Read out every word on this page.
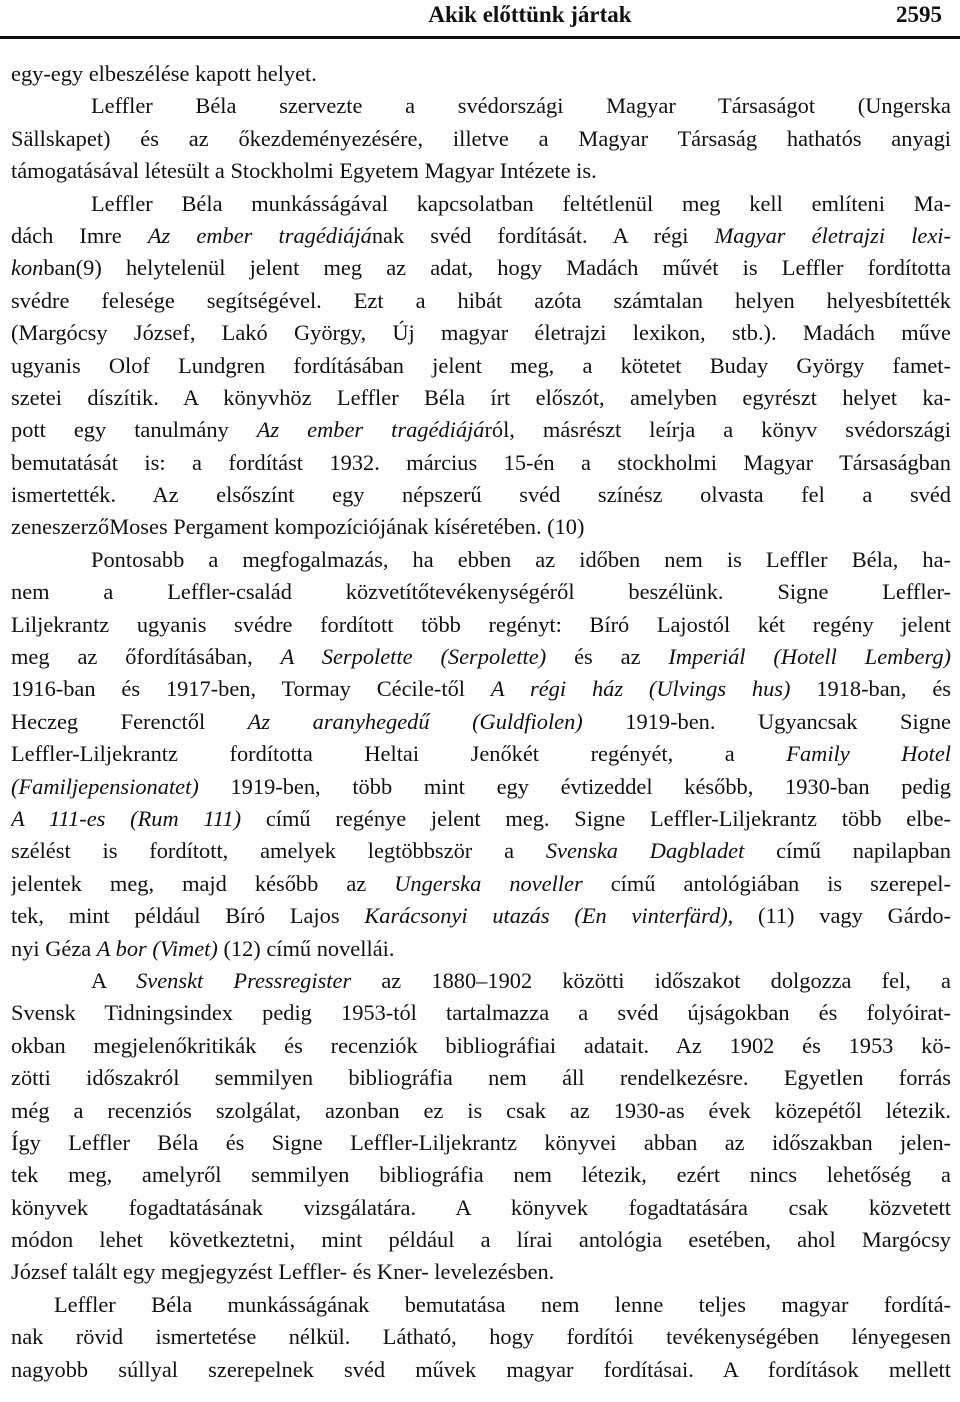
Akik előttünk jártak	2595
egy-egy elbeszélése kapott helyet.
Leffler Béla szervezte a svédországi Magyar Társaságot (Ungerska
Sällskapet) és az őkezdeményezésére, illetve a Magyar Társaság hathatós anyagi
támogatásával létesült a Stockholmi Egyetem Magyar Intézete is.
Leffler Béla munkásságával kapcsolatban feltétlenül meg kell említeni Ma-
dách Imre Az ember tragédiájának svéd fordítását. A régi Magyar életrajzi lexi-
konban(9) helytelenül jelent meg az adat, hogy Madách művét is Leffler fordította
svédre felesége segítségével. Ezt a hibát azóta számtalan helyen helyesbítették
(Margócsy József, Lakó György, Új magyar életrajzi lexikon, stb.). Madách műve
ugyanis Olof Lundgren fordításában jelent meg, a kötetet Buday György famet-
szetei díszítik. A könyvhöz Leffler Béla írt előszót, amelyben egyrészt helyet ka-
pott egy tanulmány Az ember tragédiájáról, másrészt leírja a könyv svédországi
bemutatását is: a fordítást 1932. március 15-én a stockholmi Magyar Társaságban
ismertették. Az elsőszínt egy népszerű svéd színész olvasta fel a svéd
zeneszerzőMoses Pergament kompozíciójának kíséretében. (10)
Pontosabb a megfogalmazás, ha ebben az időben nem is Leffler Béla, ha-
nem a Leffler-család közvetítőtevékenységéről beszélünk. Signe Leffler-
Liljekrantz ugyanis svédre fordított több regényt: Bíró Lajostól két regény jelent
meg az őfordításában, A Serpolette (Serpolette) és az Imperiál (Hotell Lemberg)
1916-ban és 1917-ben, Tormay Cécile-től A régi ház (Ulvings hus) 1918-ban, és
Heczeg Ferenctől Az aranyhegedű (Guldfiolen) 1919-ben. Ugyancsak Signe
Leffler-Liljekrantz fordította Heltai Jenőkét regényét, a Family Hotel
(Familjepensionatet) 1919-ben, több mint egy évtizeddel később, 1930-ban pedig
A 111-es (Rum 111) című regénye jelent meg. Signe Leffler-Liljekrantz több elbe-
szélést is fordított, amelyek legtöbbször a Svenska Dagbladet című napilapban
jelentek meg, majd később az Ungerska noveller című antológiában is szerepel-
tek, mint például Bíró Lajos Karácsonyi utazás (En vinterfärd), (11) vagy Gárdo-
nyi Géza A bor (Vimet) (12) című novellái.
A Svenskt Pressregister az 1880–1902 közötti időszakot dolgozza fel, a
Svensk Tidningsindex pedig 1953-tól tartalmazza a svéd újságokban és folyóirat-
okban megjelenőkritikák és recenziók bibliográfiai adatait. Az 1902 és 1953 kö-
zötti időszakról semmilyen bibliográfia nem áll rendelkezésre. Egyetlen forrás
még a recenziós szolgálat, azonban ez is csak az 1930-as évek közepétől létezik.
Így Leffler Béla és Signe Leffler-Liljekrantz könyvei abban az időszakban jelen-
tek meg, amelyről semmilyen bibliográfia nem létezik, ezért nincs lehetőség a
könyvek fogadtatásának vizsgálatára. A könyvek fogadtatására csak közvetett
módon lehet következtetni, mint például a lírai antológia esetében, ahol Margócsy
József talált egy megjegyzést Leffler- és Kner- levelezésben.
Leffler Béla munkásságának bemutatása nem lenne teljes magyar fordítá-
nak rövid ismertetése nélkül. Látható, hogy fordítói tevékenységében lényegesen
nagyobb súllyal szerepelnek svéd művek magyar fordításai. A fordítások mellett
